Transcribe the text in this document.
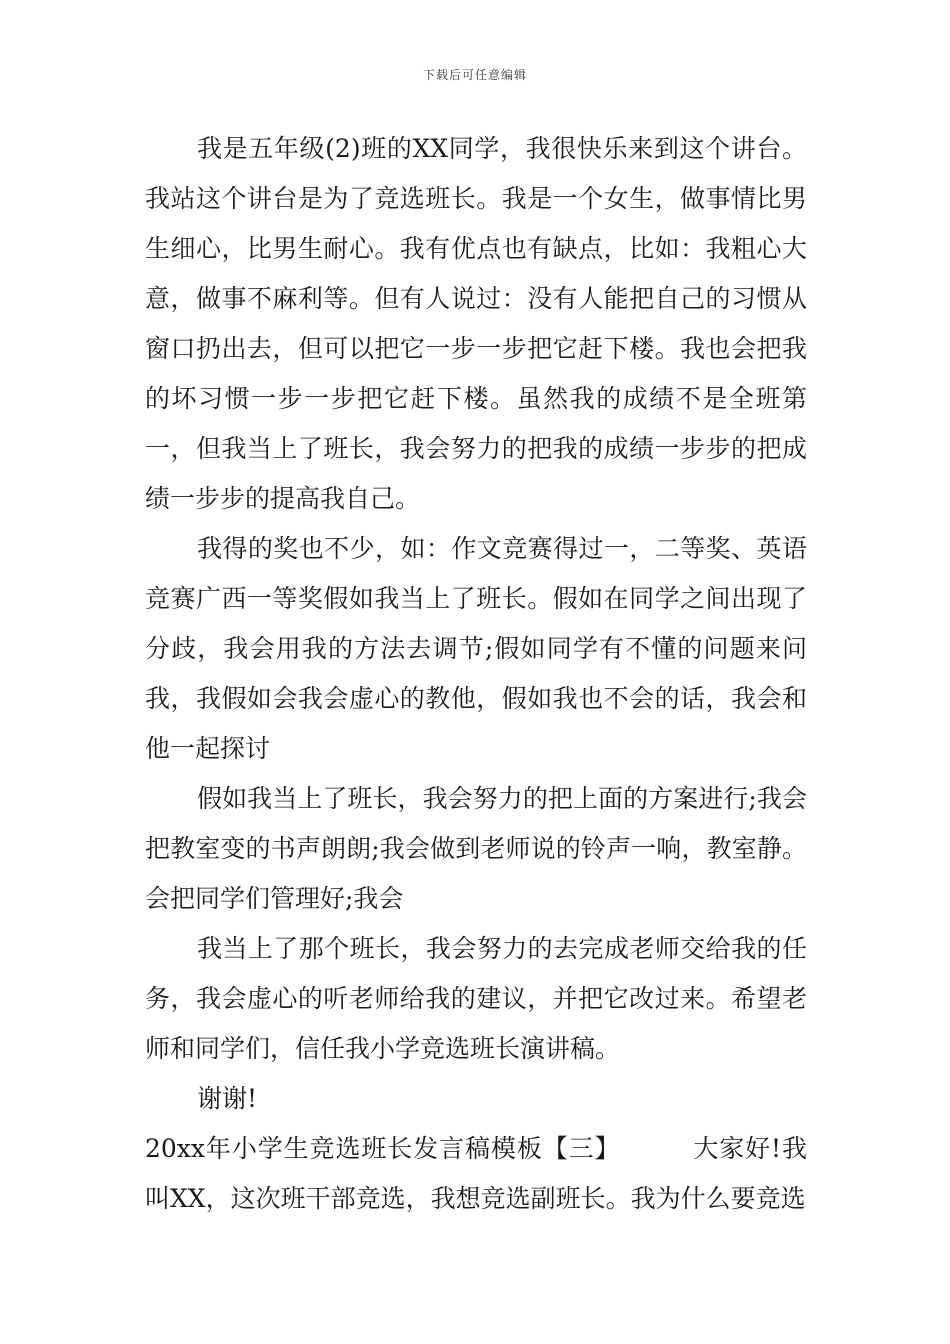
下载后可任意编辑

我是五年级(2)班的XX同学，我很快乐来到这个讲台。我站这个讲台是为了竞选班长。我是一个女生，做事情比男生细心，比男生耐心。我有优点也有缺点，比如：我粗心大意，做事不麻利等。但有人说过：没有人能把自己的习惯从窗口扔出去，但可以把它一步一步把它赶下楼。我也会把我的坏习惯一步一步把它赶下楼。虽然我的成绩不是全班第一，但我当上了班长，我会努力的把我的成绩一步步的把成绩一步步的提高我自己。

我得的奖也不少，如：作文竞赛得过一，二等奖、英语竞赛广西一等奖假如我当上了班长。假如在同学之间出现了分歧，我会用我的方法去调节;假如同学有不懂的问题来问我，我假如会我会虚心的教他，假如我也不会的话，我会和他一起探讨

假如我当上了班长，我会努力的把上面的方案进行;我会把教室变的书声朗朗;我会做到老师说的铃声一响，教室静。会把同学们管理好;我会

我当上了那个班长，我会努力的去完成老师交给我的任务，我会虚心的听老师给我的建议，并把它改过来。希望老师和同学们，信任我小学竞选班长演讲稿。

谢谢!

20xx年小学生竞选班长发言稿模板【三】	大家好!我叫XX，这次班干部竞选，我想竞选副班长。我为什么要竞选
